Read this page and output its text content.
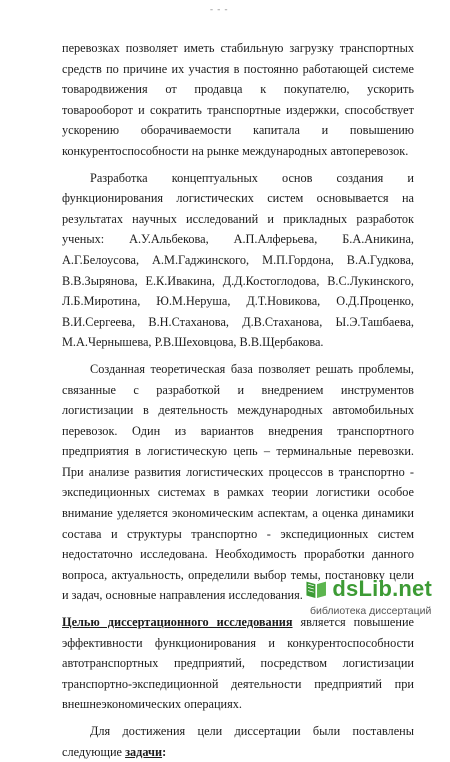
- - -

перевозках позволяет иметь стабильную загрузку транспортных средств по причине их участия в постоянно работающей системе товародвижения от продавца к покупателю, ускорить товарооборот и сократить транспортные издержки, способствует ускорению оборачиваемости капитала и повышению конкурентоспособности на рынке международных автоперевозок.

Разработка концептуальных основ создания и функционирования логистических систем основывается на результатах научных исследований и прикладных разработок ученых: А.У.Альбекова, А.П.Алферьева, Б.А.Аникина, А.Г.Белоусова, А.М.Гаджинского, М.П.Гордона, В.А.Гудкова, В.В.Зырянова, Е.К.Ивакина, Д.Д.Костоглодова, В.С.Лукинского, Л.Б.Миротина, Ю.М.Неруша, Д.Т.Новикова, О.Д.Проценко, В.И.Сергеева, В.Н.Стаханова, Д.В.Стаханова, Ы.Э.Ташбаева, М.А.Чернышева, Р.В.Шеховцова, В.В.Щербакова.

Созданная теоретическая база позволяет решать проблемы, связанные с разработкой и внедрением инструментов логистизации в деятельность международных автомобильных перевозок. Один из вариантов внедрения транспортного предприятия в логистическую цепь – терминальные перевозки. При анализе развития логистических процессов в транспортно - экспедиционных системах в рамках теории логистики особое внимание уделяется экономическим аспектам, а оценка динамики состава и структуры транспортно - экспедиционных систем недостаточно исследована. Необходимость проработки данного вопроса, актуальность, определили выбор темы, постановку цели и задач, основные направления исследования.

Целью диссертационного исследования является повышение эффективности функционирования и конкурентоспособности автотранспортных предприятий, посредством логистизации транспортно-экспедиционной деятельности предприятий при внешнеэкономических операциях.

Для достижения цели диссертации были поставлены следующие задачи:

dsLib.net
библиотека диссертаций
